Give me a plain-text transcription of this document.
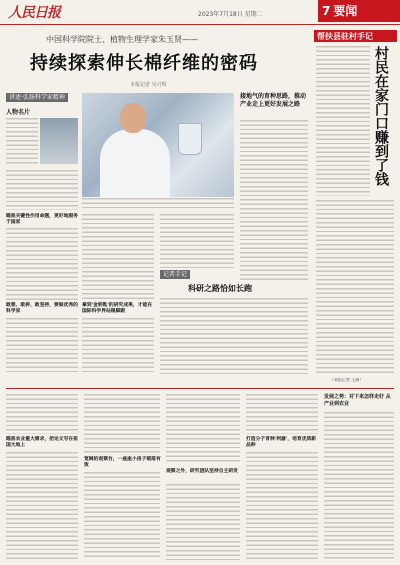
人民日报	2023年7月18日 星期二	7 要闻
中国科学院院士、植物生理学家朱玉贤——
持续探索伸长棉纤维的密码
本报记者 吴月辉
讲述·弘扬科学家精神
人物名片
瞄准关键性作用命题，更好地服务于国家
敢想、敢拼、敢坚持，要做优秀的科学家
拿到'金钥匙'的研究成果，才能在国际科学界站稳脚跟
记者手记
科研之路恰如长跑
接地气的育种思路，推动产业走上更好发展之路
帮扶县驻村手记
村民在家门口赚到了钱
（本报记者 王洲）
瞄准农业重大需求，把论文写在祖国大地上
宽阔的观察台，一座座小房子错落有致
观察之外，研究团队坚持自主研发
打造分子育种'利器'，培育优质新品种
发展之势：对下来怎样走好 从产业到农业
